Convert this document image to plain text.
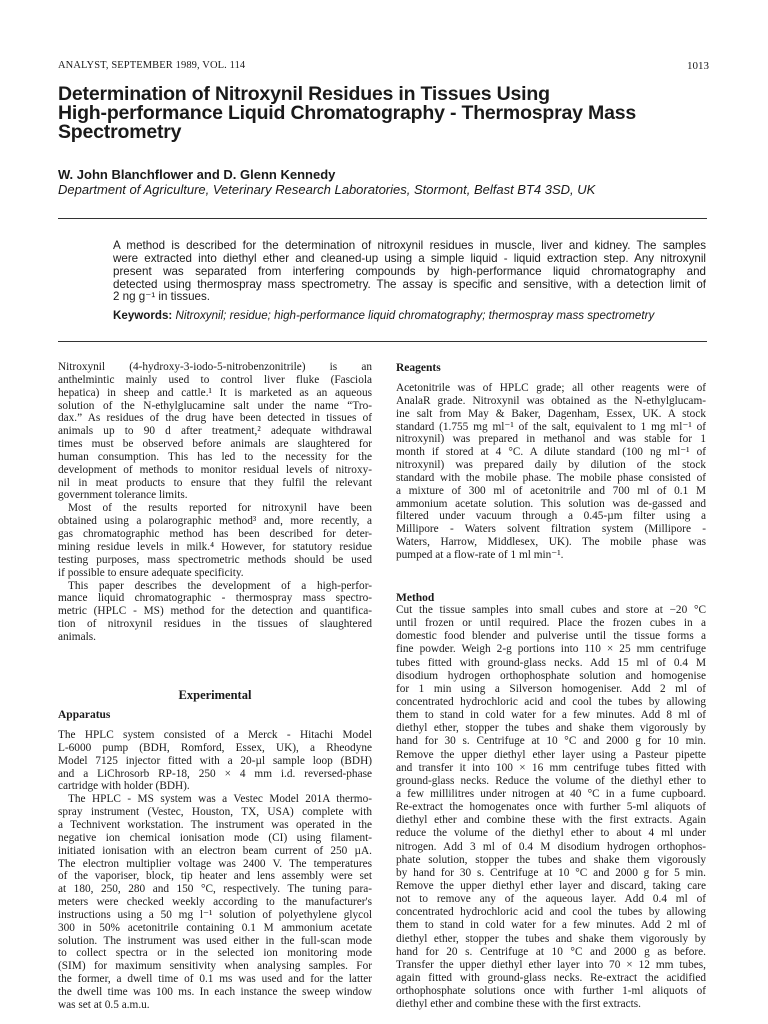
ANALYST, SEPTEMBER 1989, VOL. 114	1013
Determination of Nitroxynil Residues in Tissues Using
High-performance Liquid Chromatography - Thermospray Mass
Spectrometry
W. John Blanchflower and D. Glenn Kennedy
Department of Agriculture, Veterinary Research Laboratories, Stormont, Belfast BT4 3SD, UK
A method is described for the determination of nitroxynil residues in muscle, liver and kidney. The samples
were extracted into diethyl ether and cleaned-up using a simple liquid - liquid extraction step. Any nitroxynil
present was separated from interfering compounds by high-performance liquid chromatography and
detected using thermospray mass spectrometry. The assay is specific and sensitive, with a detection limit of
2 ng g⁻¹ in tissues.
Keywords: Nitroxynil; residue; high-performance liquid chromatography; thermospray mass spectrometry
Nitroxynil (4-hydroxy-3-iodo-5-nitrobenzonitrile) is an
anthelmintic mainly used to control liver fluke (Fasciola
hepatica) in sheep and cattle.¹ It is marketed as an aqueous
solution of the N-ethylglucamine salt under the name “Tro-
dax.” As residues of the drug have been detected in tissues of
animals up to 90 d after treatment,² adequate withdrawal
times must be observed before animals are slaughtered for
human consumption. This has led to the necessity for the
development of methods to monitor residual levels of nitroxy-
nil in meat products to ensure that they fulfil the relevant
government tolerance limits.
Most of the results reported for nitroxynil have been
obtained using a polarographic method³ and, more recently, a
gas chromatographic method has been described for deter-
mining residue levels in milk.⁴ However, for statutory residue
testing purposes, mass spectrometric methods should be used
if possible to ensure adequate specificity.
This paper describes the development of a high-perfor-
mance liquid chromatographic - thermospray mass spectro-
metric (HPLC - MS) method for the detection and quantifica-
tion of nitroxynil residues in the tissues of slaughtered
animals.
Experimental
Apparatus
The HPLC system consisted of a Merck - Hitachi Model
L-6000 pump (BDH, Romford, Essex, UK), a Rheodyne
Model 7125 injector fitted with a 20-µl sample loop (BDH)
and a LiChrosorb RP-18, 250 × 4 mm i.d. reversed-phase
cartridge with holder (BDH).
The HPLC - MS system was a Vestec Model 201A thermo-
spray instrument (Vestec, Houston, TX, USA) complete with
a Technivent workstation. The instrument was operated in the
negative ion chemical ionisation mode (CI) using filament-
initiated ionisation with an electron beam current of 250 µA.
The electron multiplier voltage was 2400 V. The temperatures
of the vaporiser, block, tip heater and lens assembly were set
at 180, 250, 280 and 150 °C, respectively. The tuning para-
meters were checked weekly according to the manufacturer's
instructions using a 50 mg l⁻¹ solution of polyethylene glycol
300 in 50% acetonitrile containing 0.1 M ammonium acetate
solution. The instrument was used either in the full-scan mode
to collect spectra or in the selected ion monitoring mode
(SIM) for maximum sensitivity when analysing samples. For
the former, a dwell time of 0.1 ms was used and for the latter
the dwell time was 100 ms. In each instance the sweep window
was set at 0.5 a.m.u.
Reagents
Acetonitrile was of HPLC grade; all other reagents were of
AnalaR grade. Nitroxynil was obtained as the N-ethylglucam-
ine salt from May & Baker, Dagenham, Essex, UK. A stock
standard (1.755 mg ml⁻¹ of the salt, equivalent to 1 mg ml⁻¹ of
nitroxynil) was prepared in methanol and was stable for 1
month if stored at 4 °C. A dilute standard (100 ng ml⁻¹ of
nitroxynil) was prepared daily by dilution of the stock
standard with the mobile phase. The mobile phase consisted of
a mixture of 300 ml of acetonitrile and 700 ml of 0.1 M
ammonium acetate solution. This solution was de-gassed and
filtered under vacuum through a 0.45-µm filter using a
Millipore - Waters solvent filtration system (Millipore -
Waters, Harrow, Middlesex, UK). The mobile phase was
pumped at a flow-rate of 1 ml min⁻¹.
Method
Cut the tissue samples into small cubes and store at −20 °C
until frozen or until required. Place the frozen cubes in a
domestic food blender and pulverise until the tissue forms a
fine powder. Weigh 2-g portions into 110 × 25 mm centrifuge
tubes fitted with ground-glass necks. Add 15 ml of 0.4 M
disodium hydrogen orthophosphate solution and homogenise
for 1 min using a Silverson homogeniser. Add 2 ml of
concentrated hydrochloric acid and cool the tubes by allowing
them to stand in cold water for a few minutes. Add 8 ml of
diethyl ether, stopper the tubes and shake them vigorously by
hand for 30 s. Centrifuge at 10 °C and 2000 g for 10 min.
Remove the upper diethyl ether layer using a Pasteur pipette
and transfer it into 100 × 16 mm centrifuge tubes fitted with
ground-glass necks. Reduce the volume of the diethyl ether to
a few millilitres under nitrogen at 40 °C in a fume cupboard.
Re-extract the homogenates once with further 5-ml aliquots of
diethyl ether and combine these with the first extracts. Again
reduce the volume of the diethyl ether to about 4 ml under
nitrogen. Add 3 ml of 0.4 M disodium hydrogen orthophos-
phate solution, stopper the tubes and shake them vigorously
by hand for 30 s. Centrifuge at 10 °C and 2000 g for 5 min.
Remove the upper diethyl ether layer and discard, taking care
not to remove any of the aqueous layer. Add 0.4 ml of
concentrated hydrochloric acid and cool the tubes by allowing
them to stand in cold water for a few minutes. Add 2 ml of
diethyl ether, stopper the tubes and shake them vigorously by
hand for 20 s. Centrifuge at 10 °C and 2000 g as before.
Transfer the upper diethyl ether layer into 70 × 12 mm tubes,
again fitted with ground-glass necks. Re-extract the acidified
orthophosphate solutions once with further 1-ml aliquots of
diethyl ether and combine these with the first extracts.
